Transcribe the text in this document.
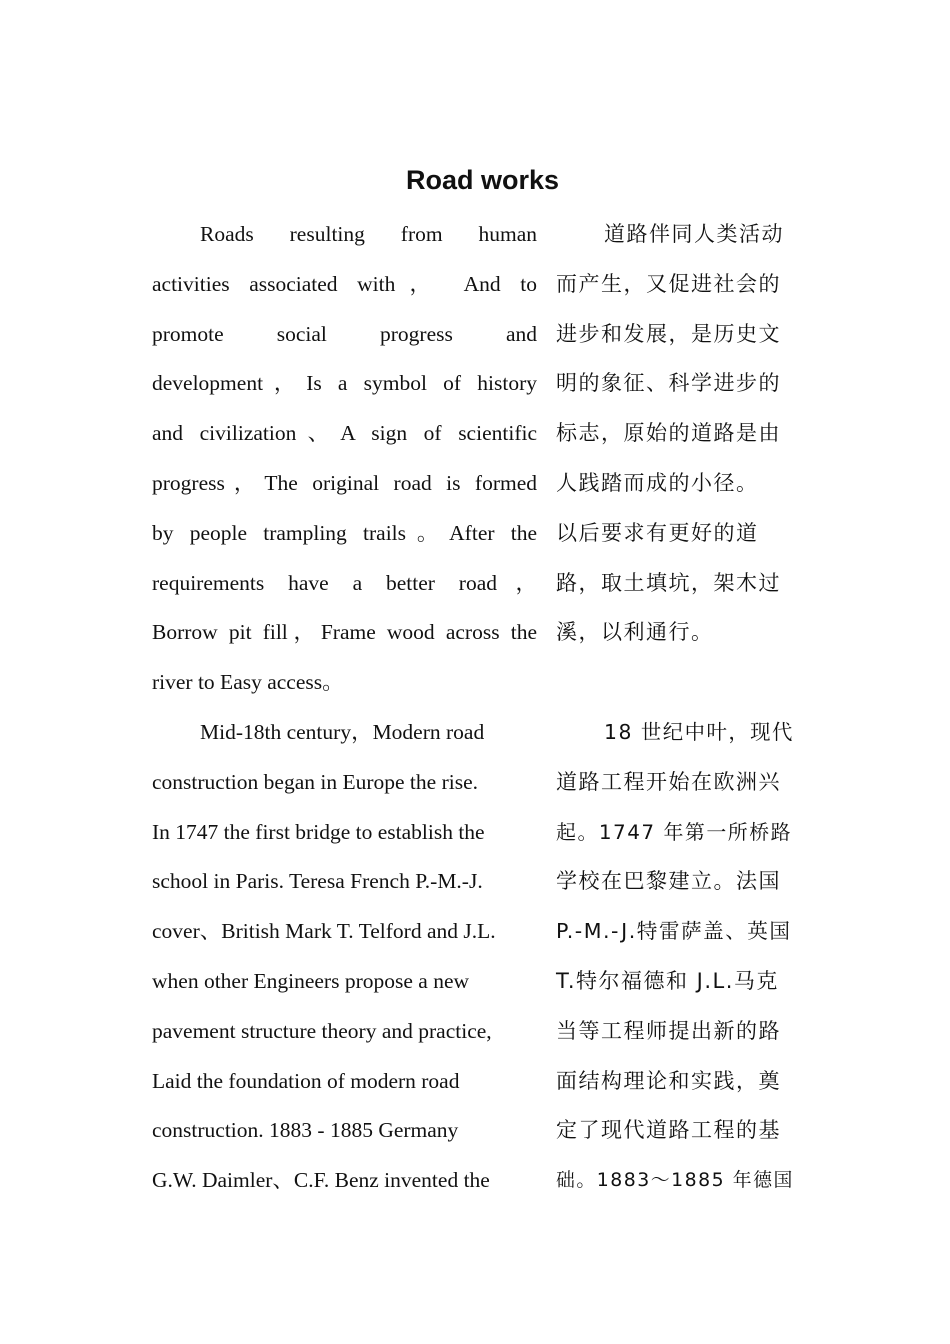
Road works
Roads resulting from human
activities associated with， And to
promote social progress and
development，Is a symbol of history
and civilization、A sign of scientific
progress，The original road is formed
by people trampling trails。After the
requirements have a better road，
Borrow pit fill，Frame wood across the
river to Easy access。
道路伴同人类活动
而产生，又促进社会的
进步和发展，是历史文
明的象征、科学进步的
标志，原始的道路是由
人践踏而成的小径。
以后要求有更好的道
路，取土填坑，架木过
溪，以利通行。
Mid-18th century，Modern road
construction began in Europe the rise.
In 1747 the first bridge to establish the
school in Paris. Teresa French P.-M.-J.
cover、British Mark T. Telford and J.L.
when other Engineers propose a new
pavement structure theory and practice,
Laid the foundation of modern road
construction. 1883 - 1885 Germany
G.W. Daimler、C.F. Benz invented the
18 世纪中叶，现代
道路工程开始在欧洲兴
起。1747 年第一所桥路
学校在巴黎建立。法国
P.-M.-J.特雷萨盖、英国
T.特尔福德和 J.L.马克
当等工程师提出新的路
面结构理论和实践，奠
定了现代道路工程的基
础。1883～1885 年德国
